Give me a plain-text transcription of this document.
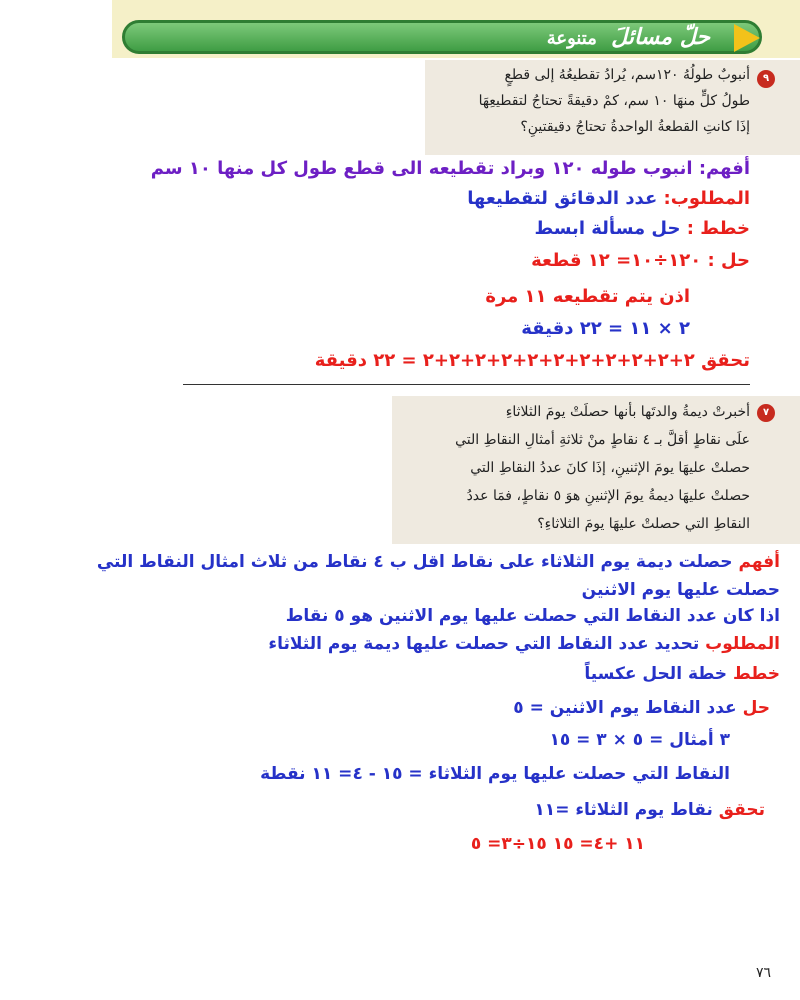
حلّ مسائلَ متنوعة
٩
أنبوبٌ طولُهُ ١٢٠سم، يُرادُ تقطيعُهُ إلى قطعٍ
طولُ كلٍّ منهَا ١٠ سم، كمْ دقيقةً تحتاجُ لتقطيعِهَا
إذَا كانتِ القطعةُ الواحدةُ تحتاجُ دقيقتينِ؟
أفهم: انبوب طوله ١٢٠ وبراد تقطيعه الى قطع طول كل منها ١٠ سم
المطلوب: عدد الدقائق لتقطيعها
خطط : حل مسألة ابسط
حل : ١٢٠÷١٠= ١٢ قطعة
اذن يتم تقطيعه ١١ مرة
٢ × ١١ = ٢٢ دقيقة
تحقق ٢+٢+٢+٢+٢+٢+٢+٢+٢+٢+٢ = ٢٢ دقيقة
٧
أخبرتْ ديمةُ والدتَها بأنها حصلَتْ يومَ الثلاثاءِ
علَى نقاطٍ أقلَّ بـ ٤ نقاطٍ منْ ثلاثةِ أمثالِ النقاطِ التي
حصلتْ عليهَا يومَ الإثنينِ، إذَا كانَ عددُ النقاطِ التي
حصلتْ عليهَا ديمةُ يومَ الإثنينِ هوَ ٥ نقاطٍ، فمَا عددُ
النقاطِ التي حصلتْ عليهَا يومَ الثلاثاءِ؟
أفهم حصلت ديمة يوم الثلاثاء على نقاط اقل ب ٤ نقاط من ثلاث امثال النقاط التي
حصلت عليها يوم الاثنين
اذا كان عدد النقاط التي حصلت عليها يوم الاثنين هو ٥ نقاط
المطلوب تحديد عدد النقاط التي حصلت عليها ديمة يوم الثلاثاء
خطط خطة الحل عكسياً
حل عدد النقاط يوم الاثنين = ٥
٣ أمثال = ٥ × ٣ = ١٥
النقاط التي حصلت عليها يوم الثلاثاء = ١٥ - ٤= ١١ نقطة
تحقق نقاط يوم الثلاثاء =١١
١١ +٤= ١٥ ١٥÷٣= ٥
٧٦
